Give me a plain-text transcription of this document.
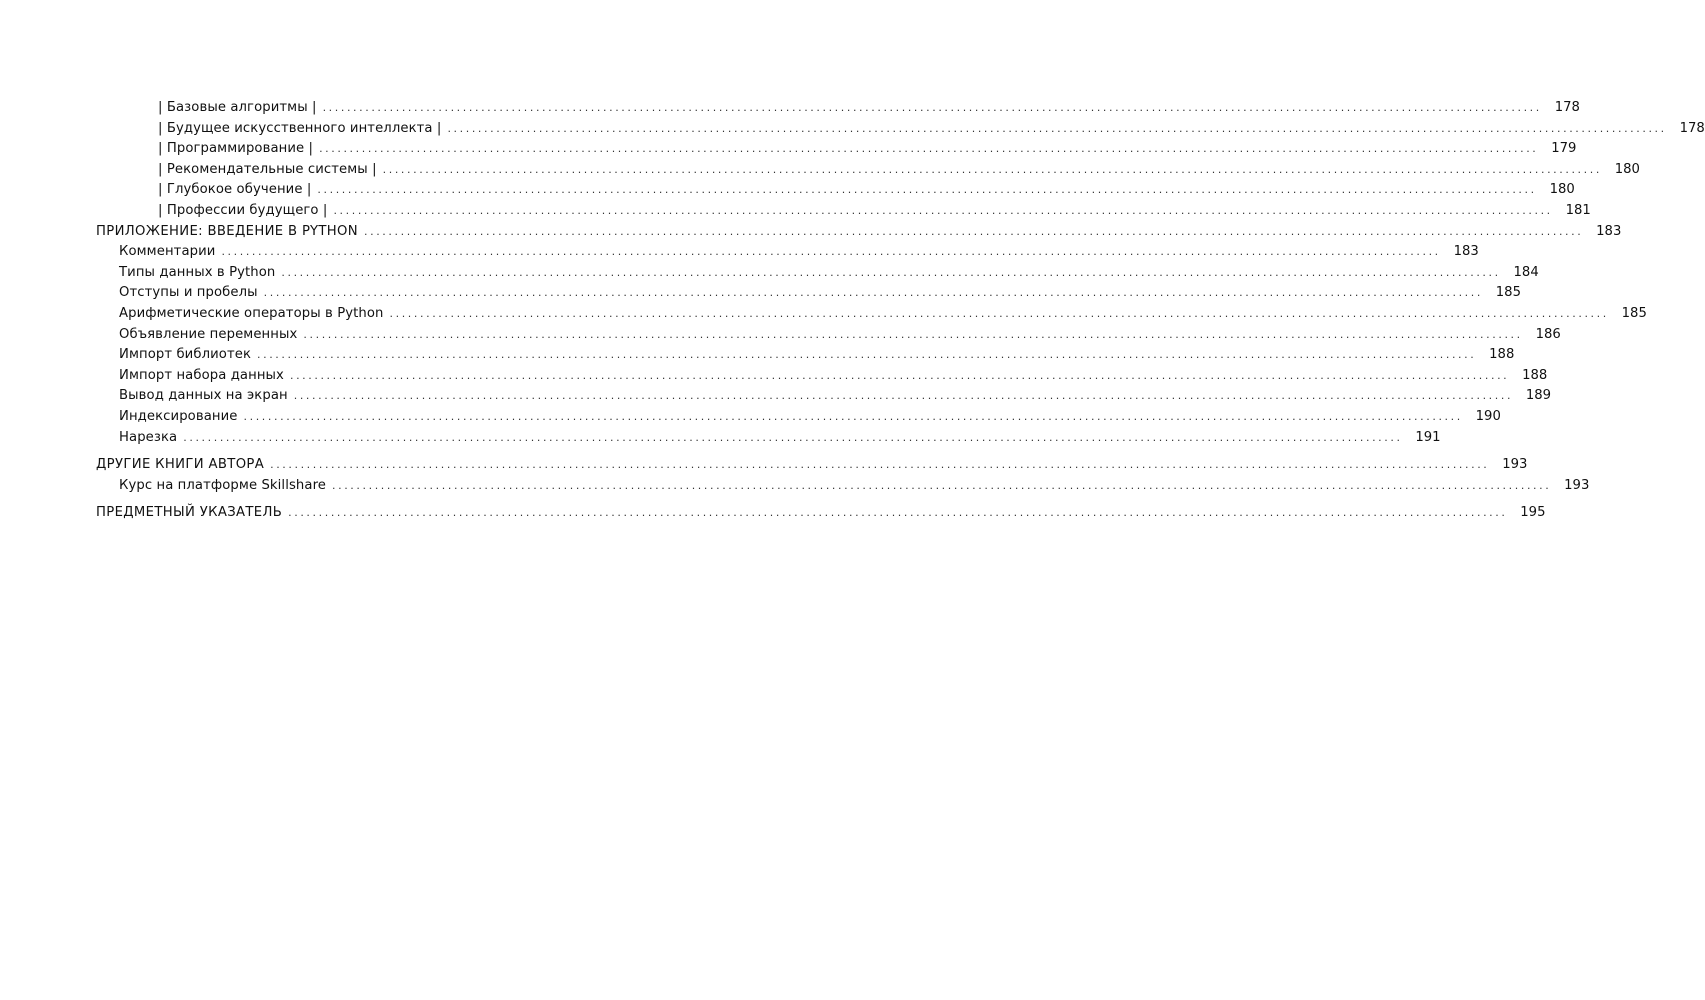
| Базовые алгоритмы | ........................................................................................................................................................................................................ 178
| Будущее искусственного интеллекта | ........................................................................................................................................................................................................ 178
| Программирование | ........................................................................................................................................................................................................ 179
| Рекомендательные системы | ........................................................................................................................................................................................................ 180
| Глубокое обучение | ........................................................................................................................................................................................................ 180
| Профессии будущего | ........................................................................................................................................................................................................ 181
ПРИЛОЖЕНИЕ: ВВЕДЕНИЕ В PYTHON ........................................................................................................................................................................................................ 183
Комментарии ........................................................................................................................................................................................................ 183
Типы данных в Python ........................................................................................................................................................................................................ 184
Отступы и пробелы ........................................................................................................................................................................................................ 185
Арифметические операторы в Python ........................................................................................................................................................................................................ 185
Объявление переменных ........................................................................................................................................................................................................ 186
Импорт библиотек ........................................................................................................................................................................................................ 188
Импорт набора данных ........................................................................................................................................................................................................ 188
Вывод данных на экран ........................................................................................................................................................................................................ 189
Индексирование ........................................................................................................................................................................................................ 190
Нарезка ........................................................................................................................................................................................................ 191
ДРУГИЕ КНИГИ АВТОРА ........................................................................................................................................................................................................ 193
Курс на платформе Skillshare ........................................................................................................................................................................................................ 193
ПРЕДМЕТНЫЙ УКАЗАТЕЛЬ ........................................................................................................................................................................................................ 195
